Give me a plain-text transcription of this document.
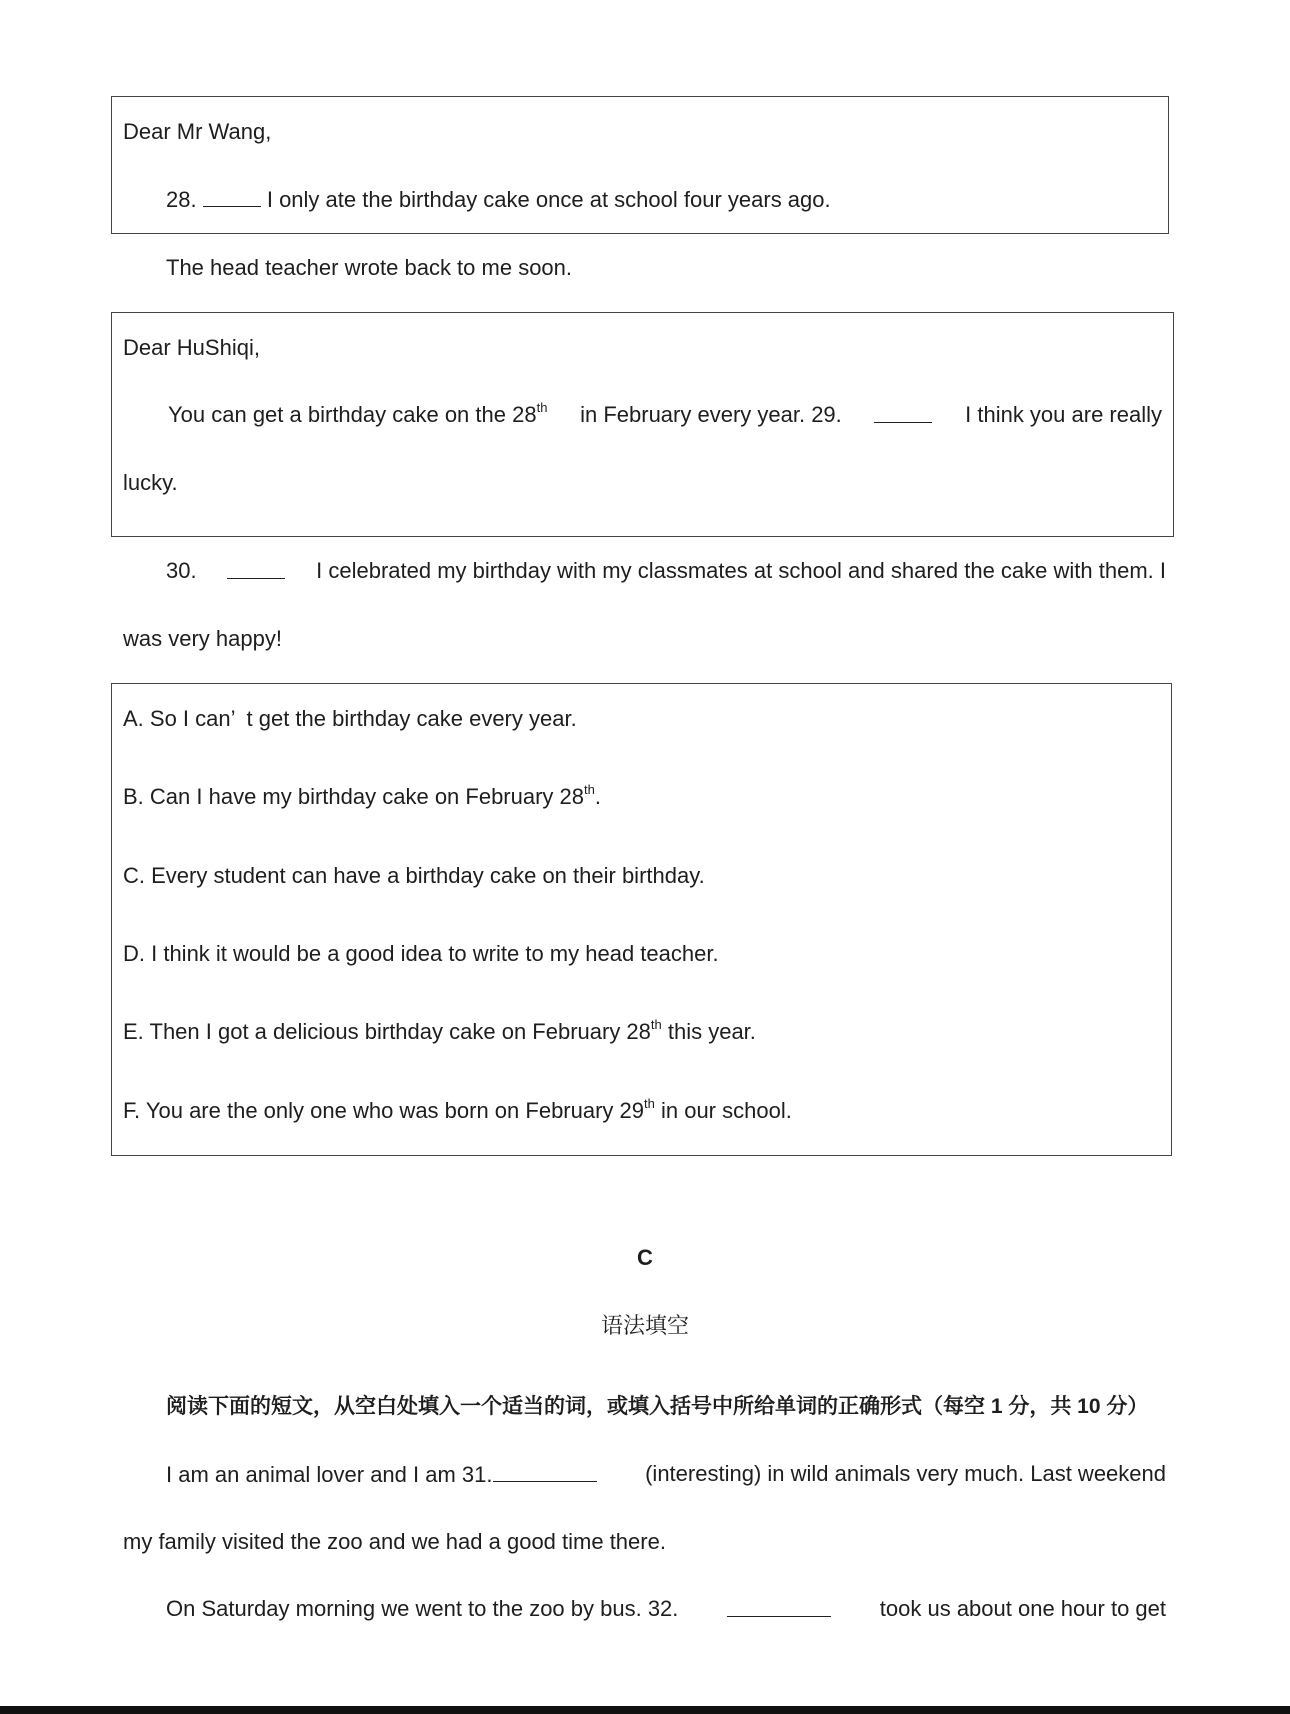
Dear Mr Wang,
28.	I only ate the birthday cake once at school four years ago.
The head teacher wrote back to me soon.
Dear HuShiqi,
You can get a birthday cake on the 28th in February every year. 29.	I think you are really
lucky.
30.	I celebrated my birthday with my classmates at school and shared the cake with them. I
was very happy!
A. So I can’ t get the birthday cake every year.
B. Can I have my birthday cake on February 28th.
C. Every student can have a birthday cake on their birthday.
D. I think it would be a good idea to write to my head teacher.
E. Then I got a delicious birthday cake on February 28th this year.
F. You are the only one who was born on February 29th in our school.
C
语法填空
阅读下面的短文，从空白处填入一个适当的词，或填入括号中所给单词的正确形式（每空 1 分，共 10 分）
I am an animal lover and I am 31.	(interesting) in wild animals very much. Last weekend
my family visited the zoo and we had a good time there.
On Saturday morning we went to the zoo by bus. 32.	took us about one hour to get
